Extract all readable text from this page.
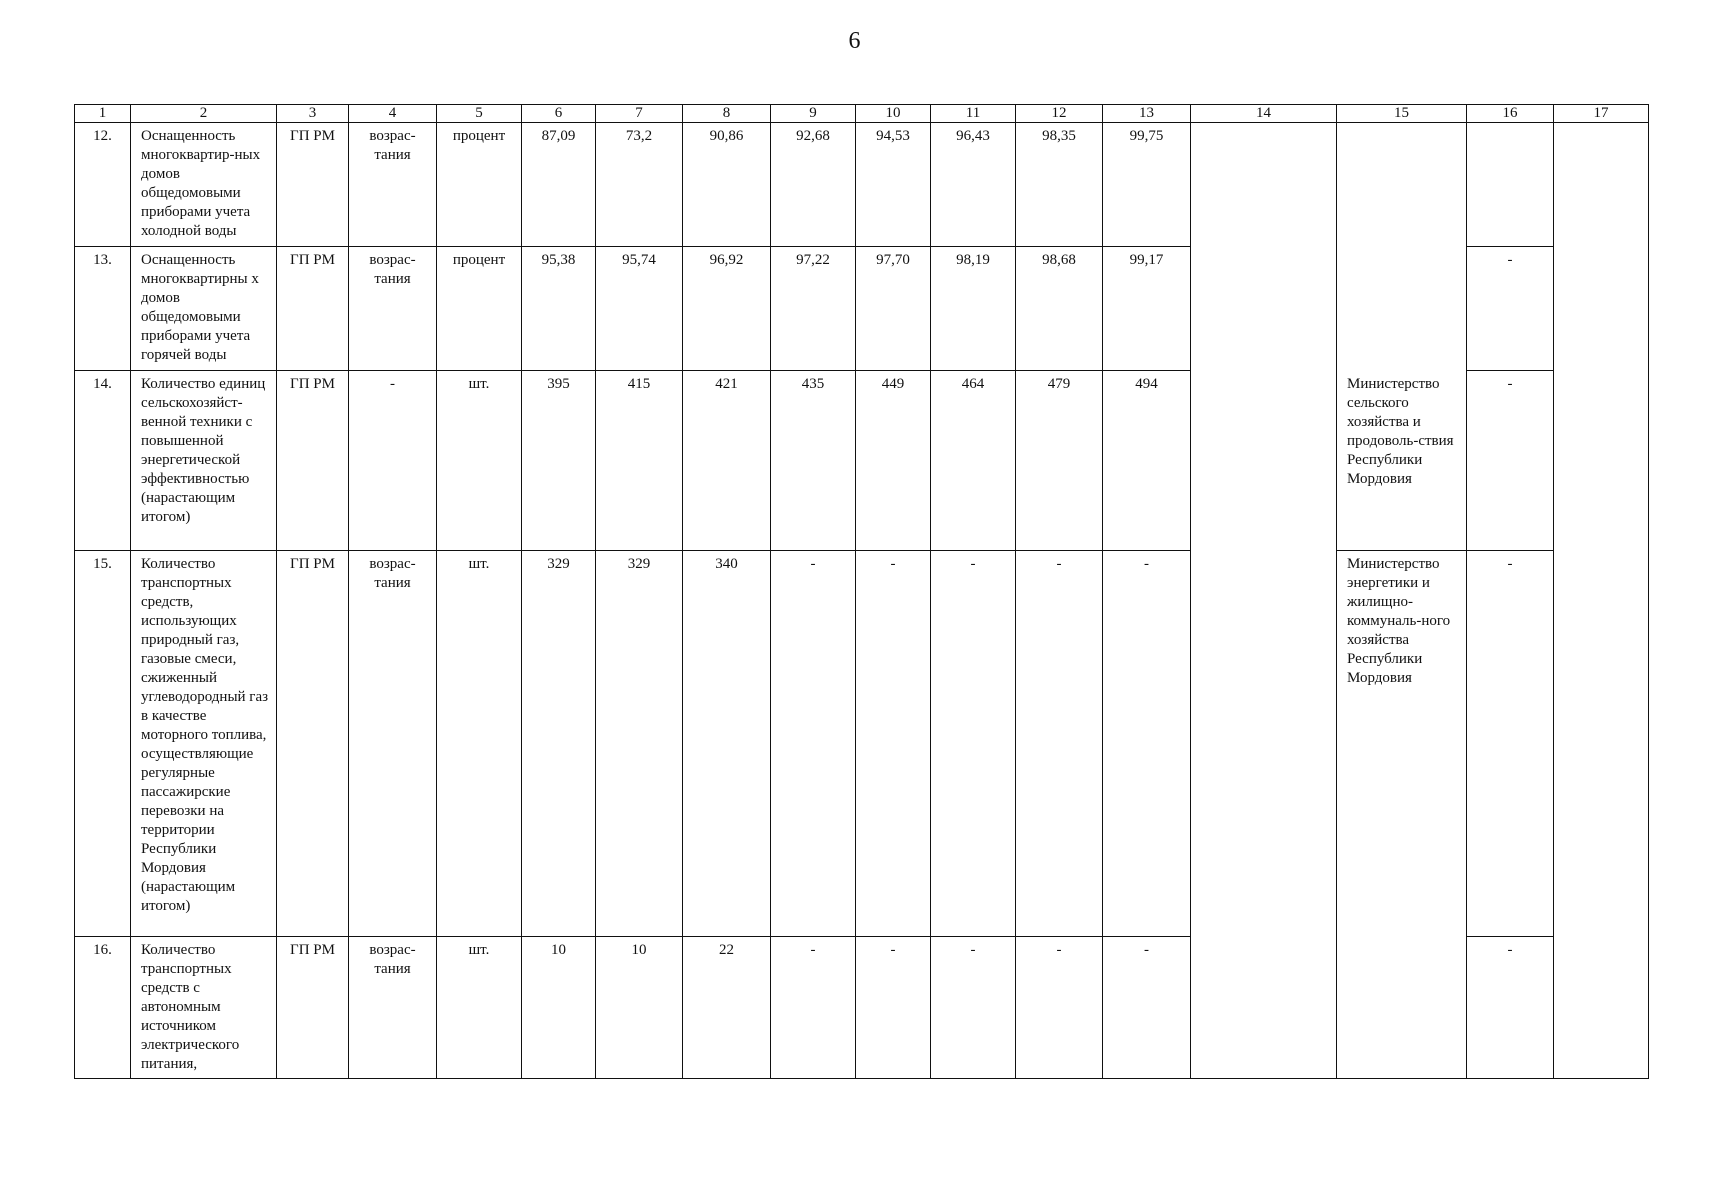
6
1	2	3	4	5	6	7	8	9	10	11	12	13	14	15	16	17
12.	Оснащенность многоквартир-ных домов общедомовыми приборами учета холодной воды	ГП РМ	возрас-тания	процент	87,09	73,2	90,86	92,68	94,53	96,43	98,35	99,75				
13.	Оснащенность многоквартирны х домов общедомовыми приборами учета горячей воды	ГП РМ	возрас-тания	процент	95,38	95,74	96,92	97,22	97,70	98,19	98,68	99,17			-	
14.	Количество единиц сельскохозяйст-венной техники с повышенной энергетической эффективностью (нарастающим итогом)	ГП РМ	-	шт.	395	415	421	435	449	464	479	494		Министерство сельского хозяйства и продоволь-ствия Республики Мордовия	-	
15.	Количество транспортных средств, использующих природный газ, газовые смеси, сжиженный углеводородный газ в качестве моторного топлива, осуществляющие регулярные пассажирские перевозки на территории Республики Мордовия (нарастающим итогом)	ГП РМ	возрас-тания	шт.	329	329	340	-	-	-	-	-		Министерство энергетики и жилищно-коммуналь-ного хозяйства Республики Мордовия	-	
16.	Количество транспортных средств с автономным источником электрического питания,	ГП РМ	возрас-тания	шт.	10	10	22	-	-	-	-	-			-	
